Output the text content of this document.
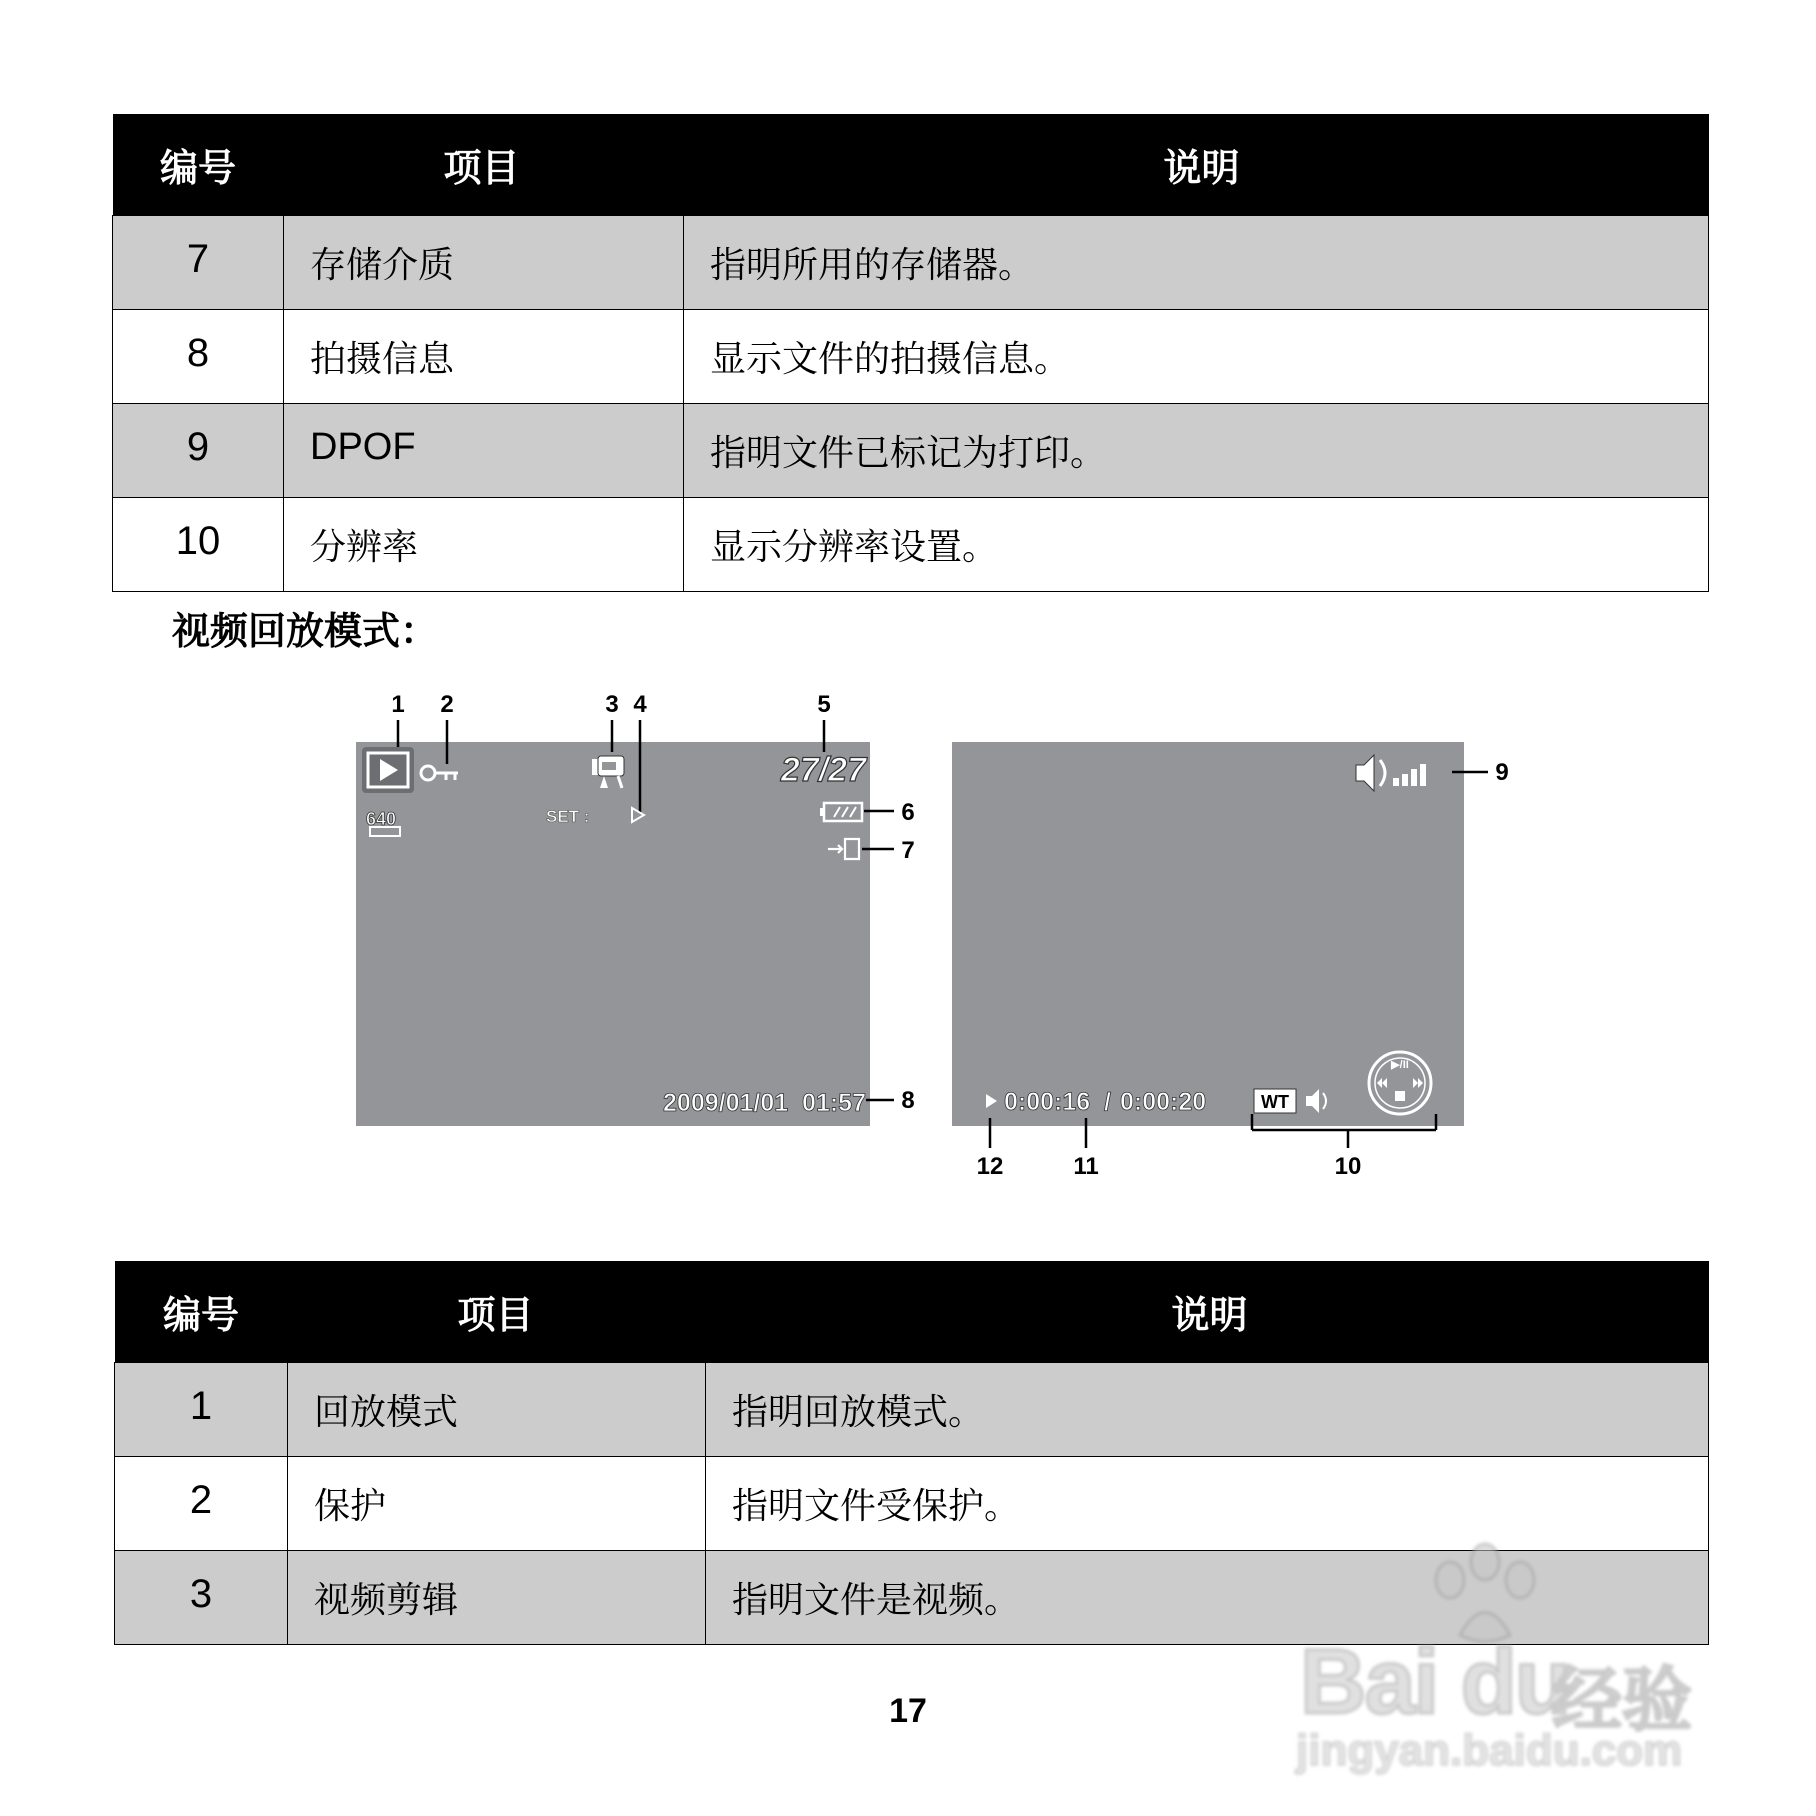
编号	项目	说明
7	存储介质	指明所用的存储器。
8	拍摄信息	显示文件的拍摄信息。
9	DPOF	指明文件已标记为打印。
10	分辨率	显示分辨率设置。
视频回放模式：
1 2	3 4	5
6
7
8
9
10
11
12
640	SET :
27/27
2009/01/01  01:57	0:00:16 / 0:00:20	WT
▶/II
编号	项目	说明
1	回放模式	指明回放模式。
2	保护	指明文件受保护。
3	视频剪辑	指明文件是视频。
17	Bai du
经验
jingyan.baidu.com
